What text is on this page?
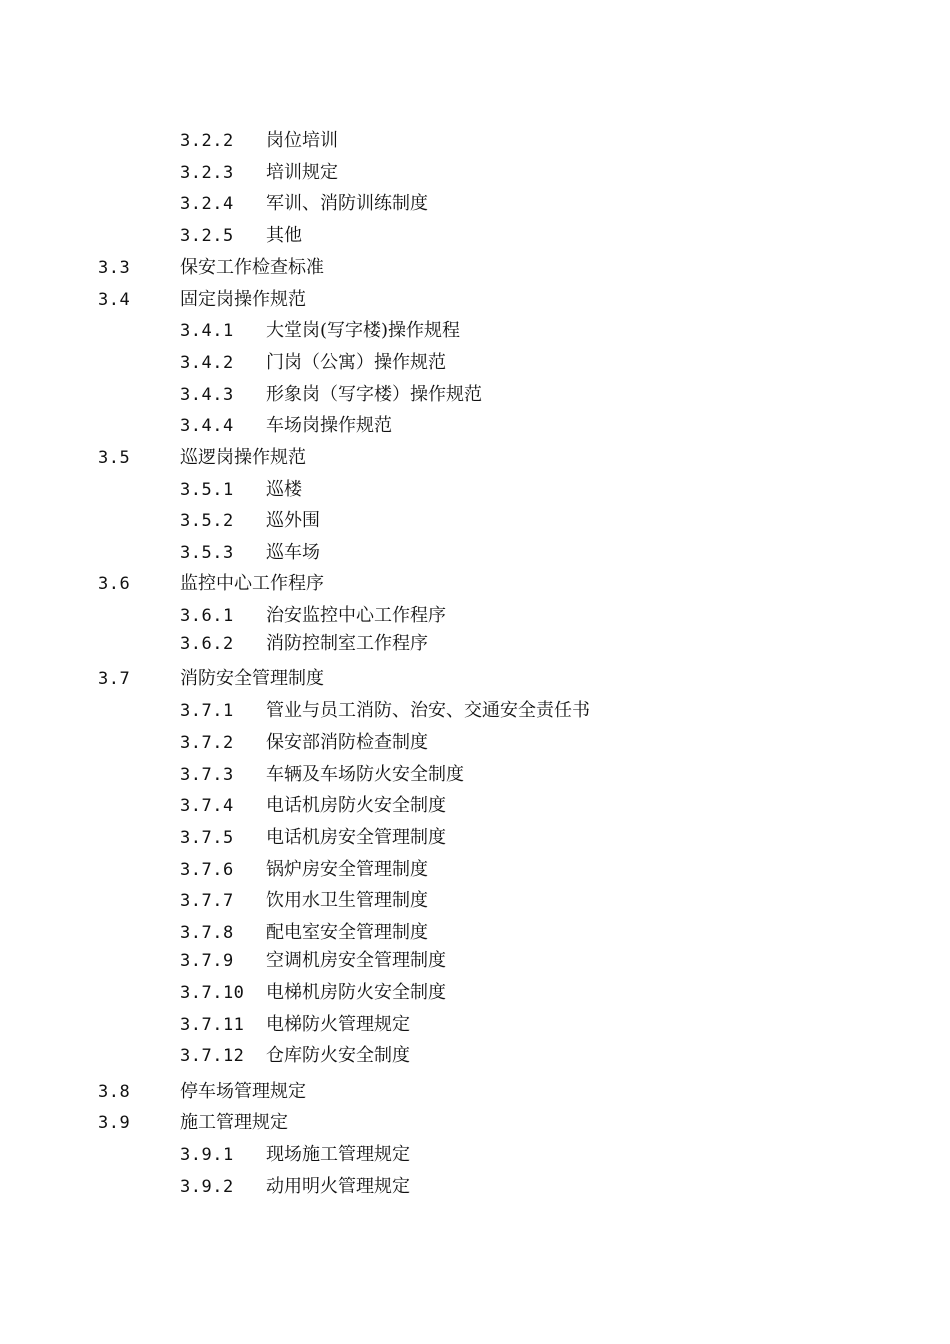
3.2.2 岗位培训
3.2.3 培训规定
3.2.4 军训、消防训练制度
3.2.5 其他
3.3	保安工作检查标准
3.4	固定岗操作规范
3.4.1 大堂岗(写字楼)操作规程
3.4.2 门岗（公寓）操作规范
3.4.3 形象岗（写字楼）操作规范
3.4.4 车场岗操作规范
3.5	巡逻岗操作规范
3.5.1 巡楼
3.5.2 巡外围
3.5.3 巡车场
3.6	监控中心工作程序
3.6.1 治安监控中心工作程序
3.6.2 消防控制室工作程序
3.7	消防安全管理制度
3.7.1 管业与员工消防、治安、交通安全责任书
3.7.2 保安部消防检查制度
3.7.3 车辆及车场防火安全制度
3.7.4 电话机房防火安全制度
3.7.5 电话机房安全管理制度
3.7.6 锅炉房安全管理制度
3.7.7 饮用水卫生管理制度
3.7.8 配电室安全管理制度
3.7.9 空调机房安全管理制度
3.7.10 电梯机房防火安全制度
3.7.11 电梯防火管理规定
3.7.12 仓库防火安全制度
3.8	停车场管理规定
3.9	施工管理规定
3.9.1 现场施工管理规定
3.9.2 动用明火管理规定
